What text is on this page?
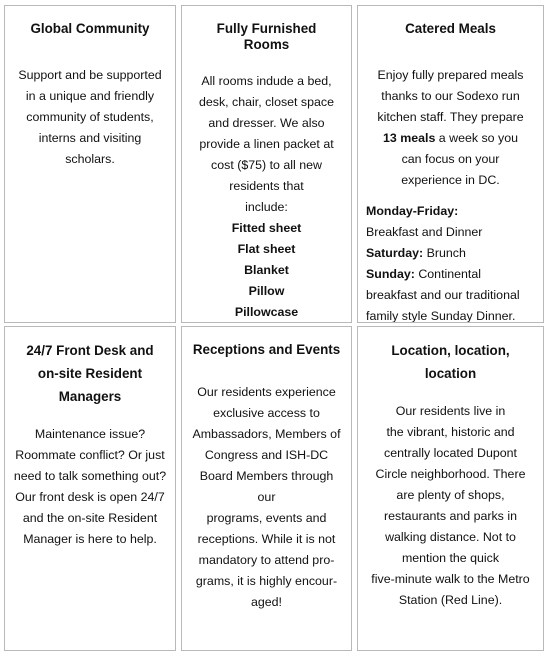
Global Community

Support and be supported

in a unique and friendly

community of students,

interns and visiting

scholars.

Fully Furnished
Rooms

All rooms indude a bed,

desk, chair, closet space

and dresser. We also

provide a linen packet at

cost ($75) to all new

residents that

include:

Fitted sheet
Flat sheet
Blanket
Pillow
Pillowcase
Catered Meals

Enjoy fully prepared meals

thanks to our Sodexo run

kitchen staff. They prepare

13 meals a week so you

can focus on your

experience in DC.

Monday-Friday:

Breakfast and Dinner

Saturday: Brunch

Sunday: Continental

breakfast and our traditional

family style Sunday Dinner.

24/7 Front Desk and
on-site Resident Managers

Maintenance issue?

Roommate conflict? Or just

need to talk something out?

Our front desk is open 24/7

and the on-site Resident

Manager is here to help.

Receptions and Events

Our residents experience

exclusive access to

Ambassadors, Members of

Congress and ISH-DC

Board Members through our

programs, events and

receptions. While it is not

mandatory to attend pro-

grams, it is highly encour-

aged!

Location, location,
location

Our residents live in

the vibrant, historic and

centrally located Dupont

Circle neighborhood. There

are plenty of shops,

restaurants and parks in

walking distance. Not to

mention the quick

five-minute walk to the Metro

Station (Red Line).
